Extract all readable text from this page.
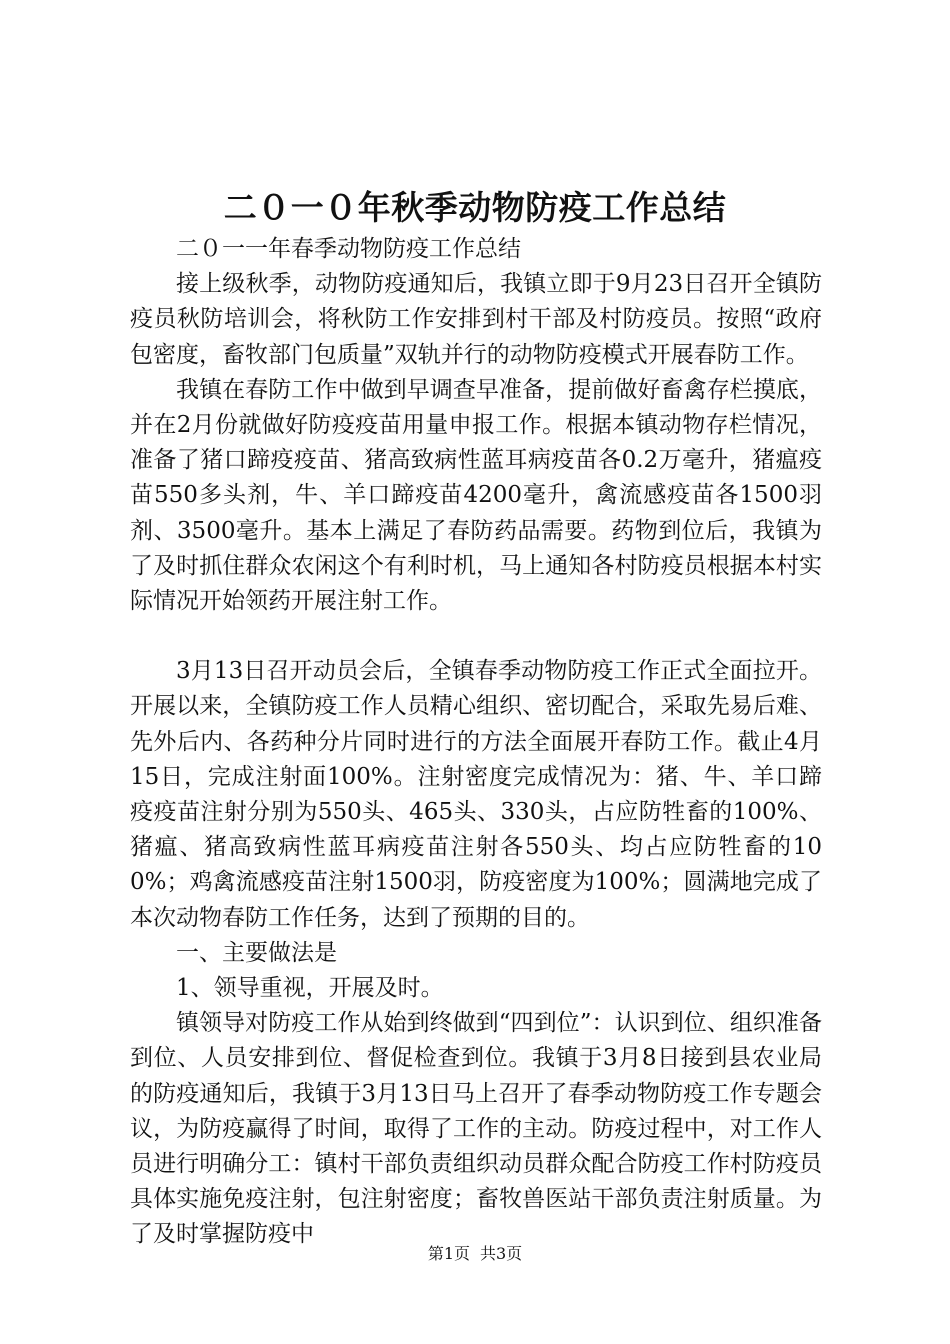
二０一０年秋季动物防疫工作总结

二０一一年春季动物防疫工作总结

接上级秋季，动物防疫通知后，我镇立即于9月23日召开全镇防疫员秋防培训会，将秋防工作安排到村干部及村防疫员。按照“政府包密度，畜牧部门包质量”双轨并行的动物防疫模式开展春防工作。

我镇在春防工作中做到早调查早准备，提前做好畜禽存栏摸底，并在2月份就做好防疫疫苗用量申报工作。根据本镇动物存栏情况，准备了猪口蹄疫疫苗、猪高致病性蓝耳病疫苗各0.2万毫升，猪瘟疫苗550多头剂，牛、羊口蹄疫苗4200毫升，禽流感疫苗各1500羽剂、3500毫升。基本上满足了春防药品需要。药物到位后，我镇为了及时抓住群众农闲这个有利时机，马上通知各村防疫员根据本村实际情况开始领药开展注射工作。

3月13日召开动员会后，全镇春季动物防疫工作正式全面拉开。开展以来，全镇防疫工作人员精心组织、密切配合，采取先易后难、先外后内、各药种分片同时进行的方法全面展开春防工作。截止4月15日，完成注射面100%。注射密度完成情况为：猪、牛、羊口蹄疫疫苗注射分别为550头、465头、330头，占应防牲畜的100%、猪瘟、猪高致病性蓝耳病疫苗注射各550头、均占应防牲畜的100%；鸡禽流感疫苗注射1500羽，防疫密度为100%；圆满地完成了本次动物春防工作任务，达到了预期的目的。

一、主要做法是

1、领导重视，开展及时。

镇领导对防疫工作从始到终做到“四到位”：认识到位、组织准备到位、人员安排到位、督促检查到位。我镇于3月8日接到县农业局的防疫通知后，我镇于3月13日马上召开了春季动物防疫工作专题会议，为防疫赢得了时间，取得了工作的主动。防疫过程中，对工作人员进行明确分工：镇村干部负责组织动员群众配合防疫工作村防疫员具体实施免疫注射，包注射密度；畜牧兽医站干部负责注射质量。为了及时掌握防疫中

第1页 共3页
